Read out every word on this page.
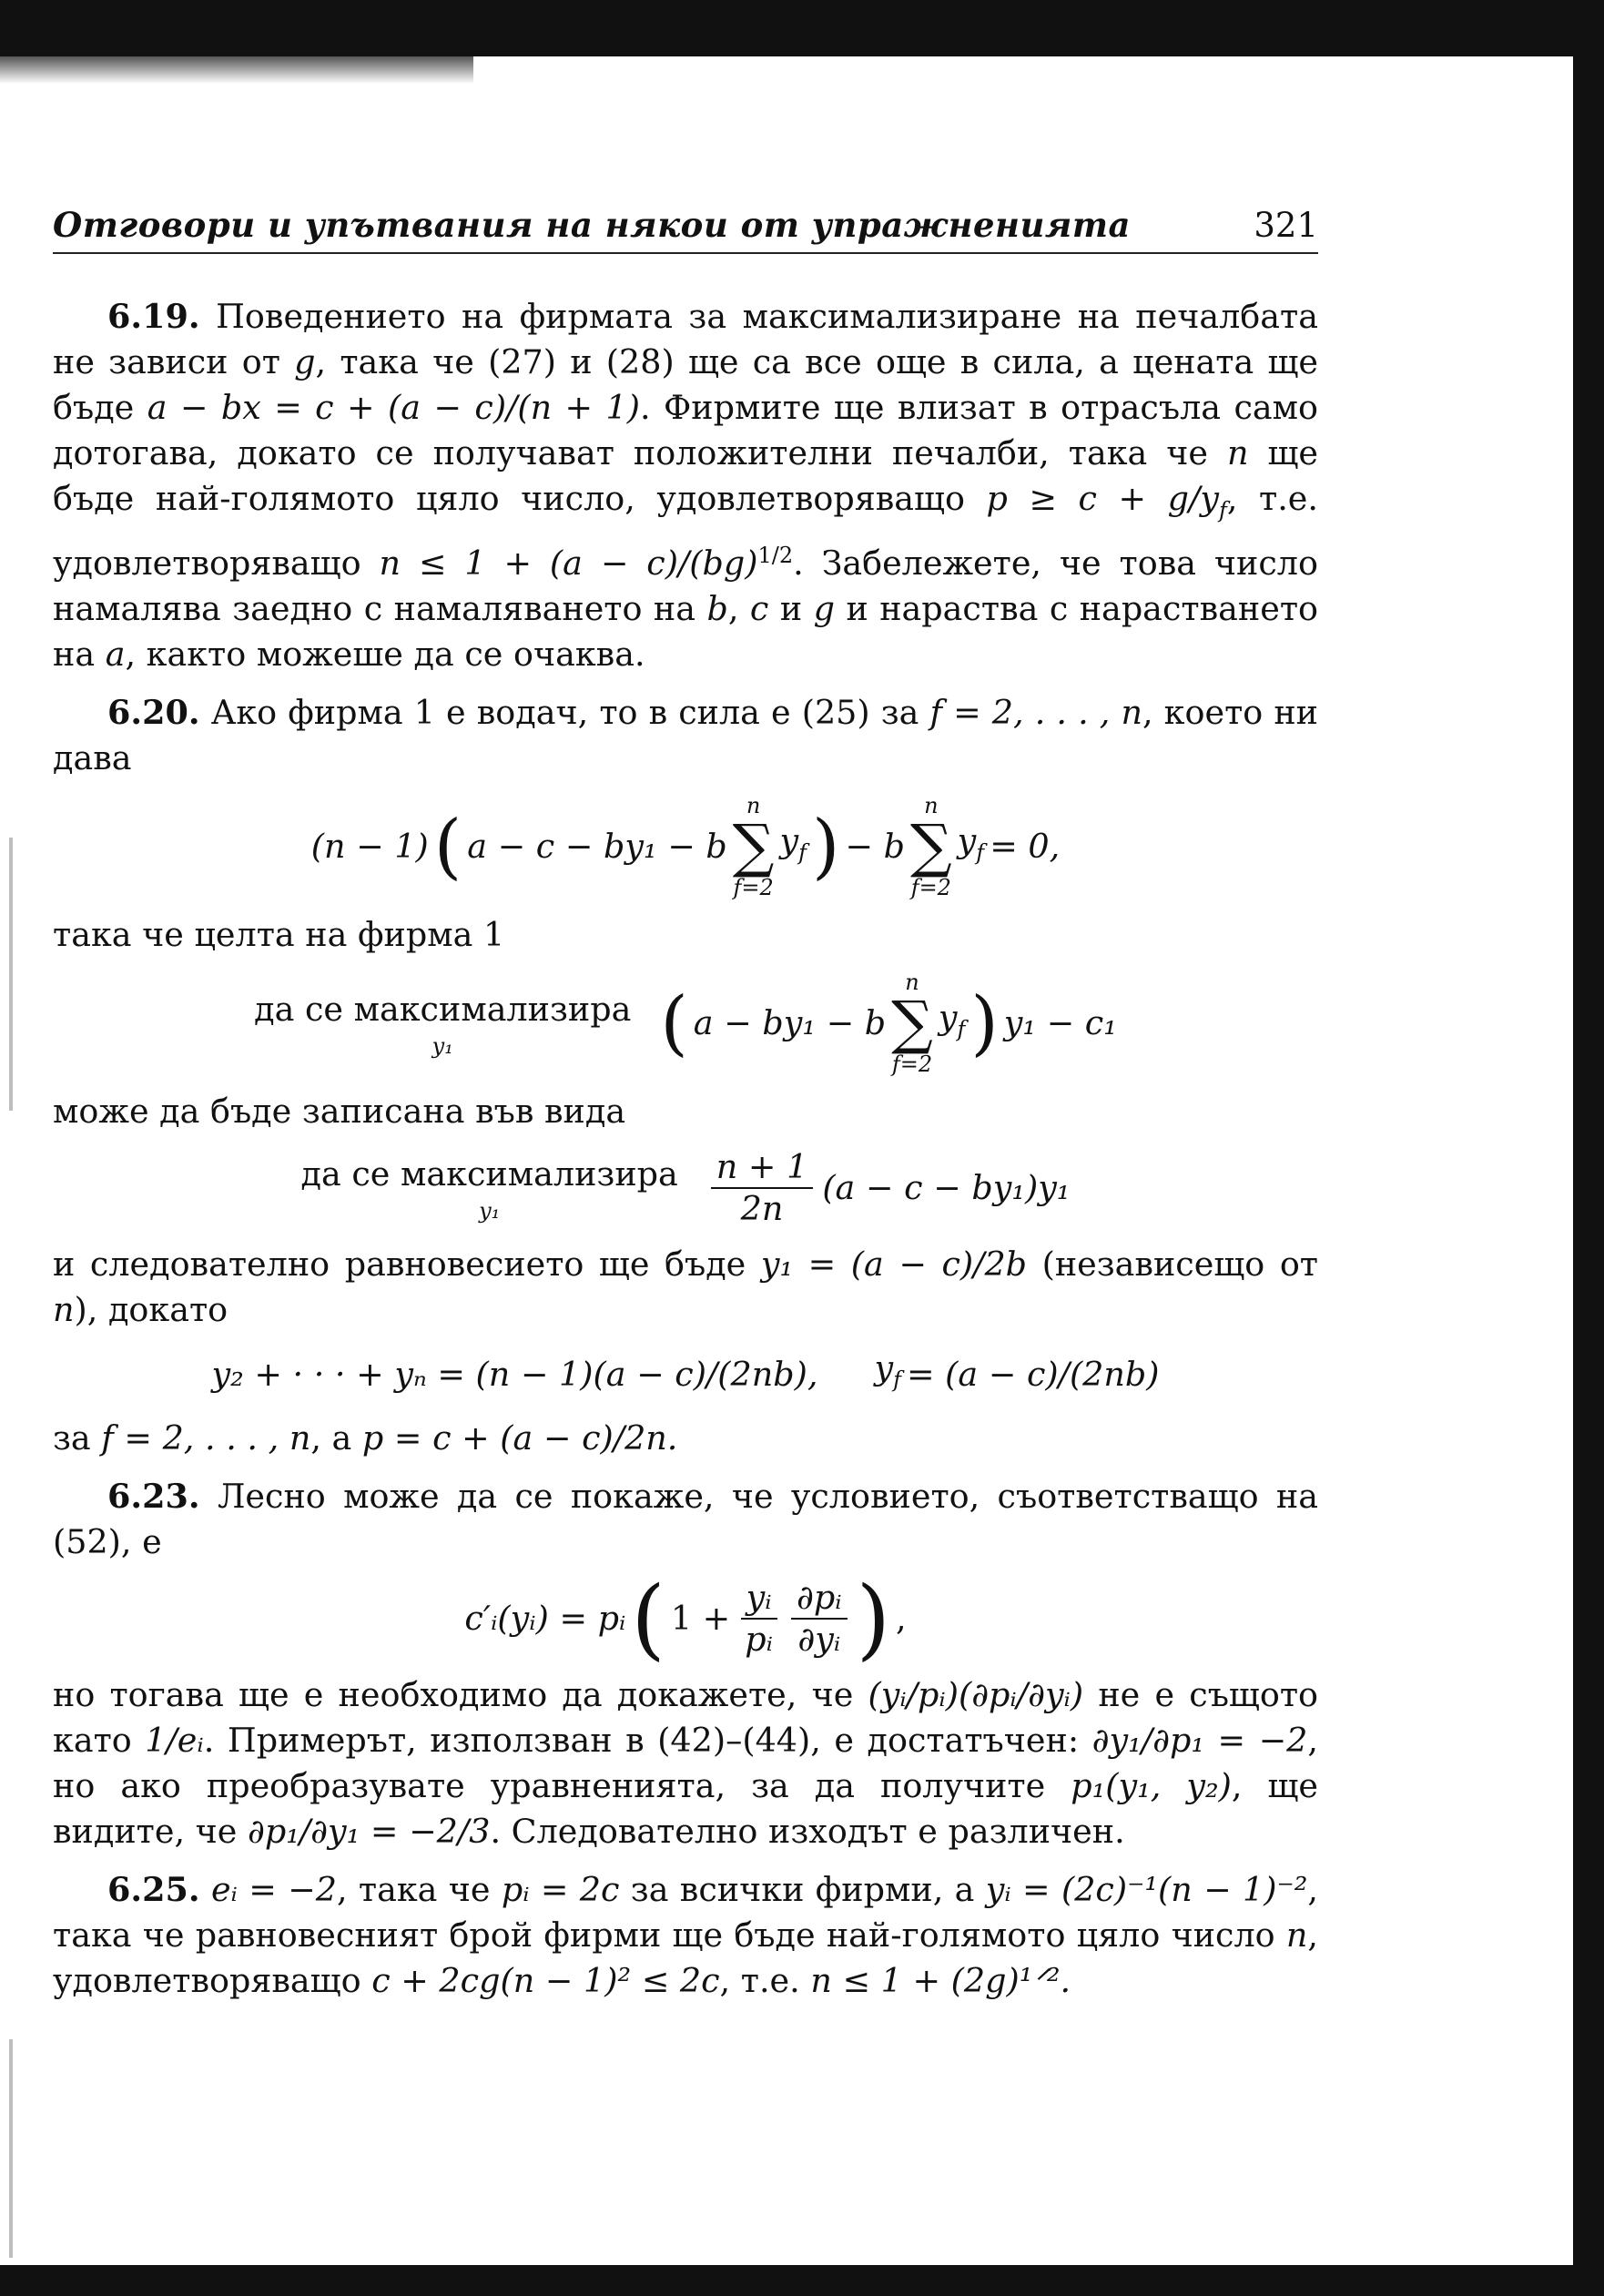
Отговори и упътвания на някои от упражненията	321

6.19. Поведението на фирмата за максимализиране на печалбата не зависи от g, така че (27) и (28) ще са все още в сила, а цената ще бъде a − bx = c + (a − c)/(n + 1). Фирмите ще влизат в отрасъла само дотогава, докато се получават положителни печалби, така че n ще бъде най-голямото цяло число, удовлетворяващо $p \ge c + g/y_f$, т.е. удовлетворяващо n ≤ 1 + (a − c)/(bg)$^{1/2}$. Забележете, че това число намалява заедно с намаляването на b, c и g и нараства с нарастването на a, както можеше да се очаква.

6.20. Ако фирма 1 е водач, то в сила е (25) за f = 2, . . . , n, което ни дава

(n − 1) ( a − c − by₁ − b
n
∑
f=2
$y_f$ ) − b
n
∑
f=2
$y_f = 0$,

така че целта на фирма 1

да се максимализира
y₁	( a − by₁ − b
n
∑
f=2
$y_f$ ) y₁ − c₁

може да бъде записана във вида

да се максимализира
y₁	$\frac{n + 1}{2n} (a - c - by_1)y_1$

и следователно равновесието ще бъде y₁ = (a − c)/2b (независещо от n), докато

y₂ + · · · + yₙ = (n − 1)(a − c)/(2nb), $y_f = (a - c)/(2nb)$

за f = 2, . . . , n, а p = c + (a − c)/2n.

6.23. Лесно може да се покаже, че условието, съответстващо на (52), е

c′ᵢ(yᵢ) = pᵢ ( $1 + \frac{\text{yᵢ}}{\text{pᵢ}} \frac{\text{∂pᵢ}}{\text{∂yᵢ}}$ ) ,

но тогава ще е необходимо да докажете, че (yᵢ/pᵢ)(∂pᵢ/∂yᵢ) не е същото като 1/eᵢ. Примерът, използван в (42)–(44), е достатъчен: ∂y₁/∂p₁ = −2, но ако преобразувате уравненията, за да получите p₁(y₁, y₂), ще видите, че ∂p₁/∂y₁ = −2/3. Следователно изходът е различен.

6.25. eᵢ = −2, така че pᵢ = 2c за всички фирми, а yᵢ = (2c)⁻¹(n − 1)⁻², така че равновесният брой фирми ще бъде най-голямото цяло число n, удовлетворяващо c + 2cg(n − 1)² ≤ 2c, т.е. n ≤ 1 + (2g)¹ᐟ².
